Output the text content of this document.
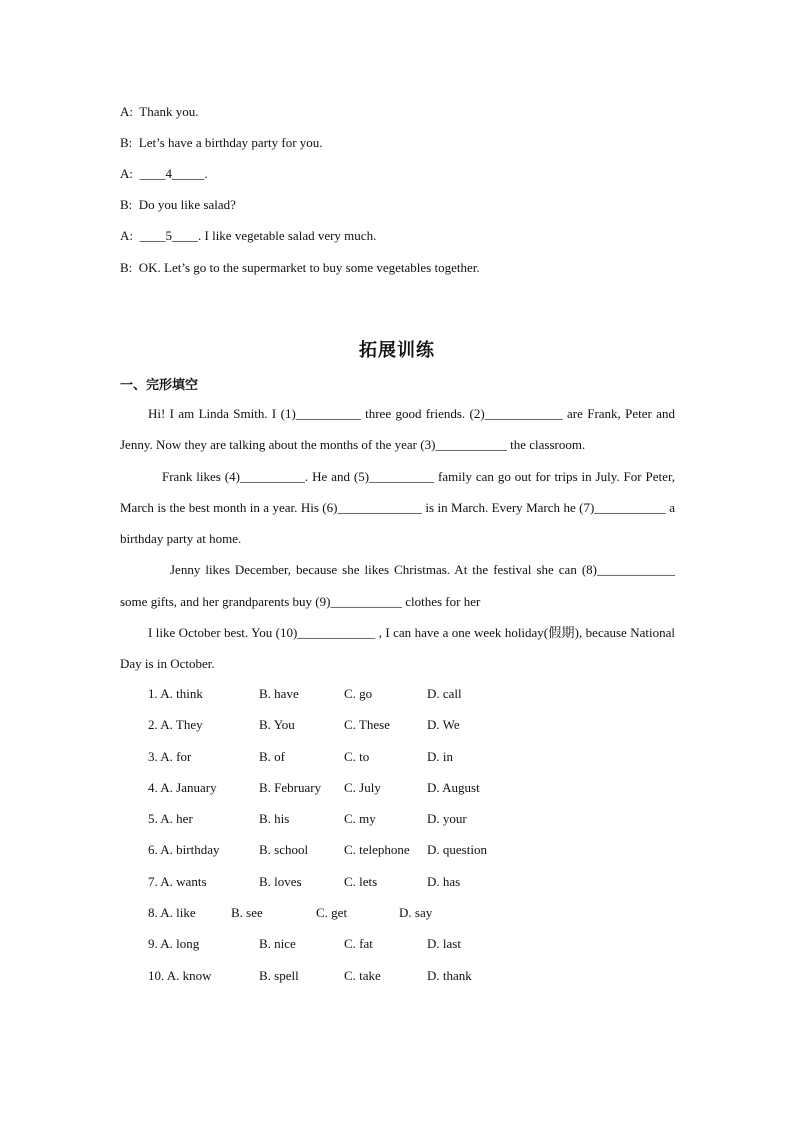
A:  Thank you.
B:  Let’s have a birthday party for you.
A:  ____4_____.
B:  Do you like salad?
A:  ____5____. I like vegetable salad very much.
B:  OK. Let’s go to the supermarket to buy some vegetables together.
拓展训练
一、完形填空

Hi! I am Linda Smith. I (1)__________ three good friends. (2)____________ are Frank, Peter and Jenny. Now they are talking about the months of the year (3)___________ the classroom.

Frank likes (4)__________. He and (5)__________ family can go out for trips in July. For Peter, March is the best month in a year. His (6)_____________ is in March. Every March he (7)___________ a birthday party at home.

Jenny likes December, because she likes Christmas. At the festival she can (8)____________ some gifts, and her grandparents buy (9)___________ clothes for her

I like October best. You (10)____________ , I can have a one week holiday(假期), because National Day is in October.

1. A. think	B. have	C. go	D. call
2. A. They	B. You	C. These	D. We
3. A. for	B. of	C. to	D. in
4. A. January	B. February C. July	D. August
5. A. her	B. his	C. my	D. your
6. A. birthday	B. school	C. telephone D. question
7. A. wants	B. loves	C. lets	D. has
8. A. like	B. see	C. get	D. say
9. A. long	B. nice	C. fat	D. last
10. A. know	B. spell	C. take	D. thank
